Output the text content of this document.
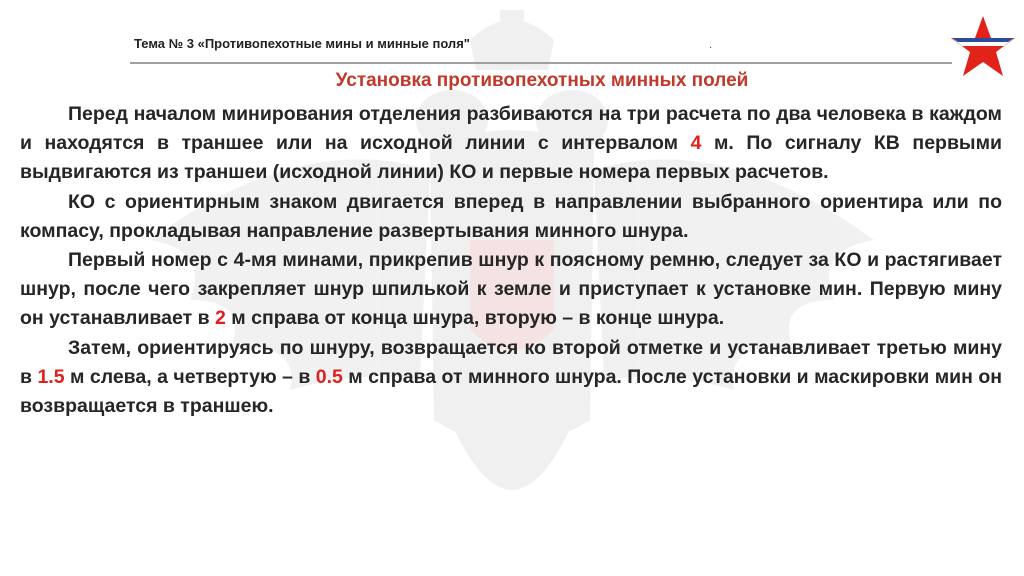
Тема № 3 «Противопехотные мины и минные поля"	.
Установка противопехотных минных полей

Перед началом минирования отделения разбиваются на три расчета по два человека в каждом и находятся в траншее или на исходной линии с интервалом 4 м. По сигналу КВ первыми выдвигаются из траншеи (исходной линии) КО и первые номера первых расчетов.

КО с ориентирным знаком двигается вперед в направлении выбранного ориентира или по компасу, прокладывая направление развертывания минного шнура.

Первый номер с 4-мя минами, прикрепив шнур к поясному ремню, следует за КО и растягивает шнур, после чего закрепляет шнур шпилькой к земле и приступает к установке мин. Первую мину он устанавливает в 2 м справа от конца шнура, вторую – в конце шнура.

Затем, ориентируясь по шнуру, возвращается ко второй отметке и устанавливает третью мину в 1.5 м слева, а четвертую – в 0.5 м справа от минного шнура. После установки и маскировки мин он возвращается в траншею.
